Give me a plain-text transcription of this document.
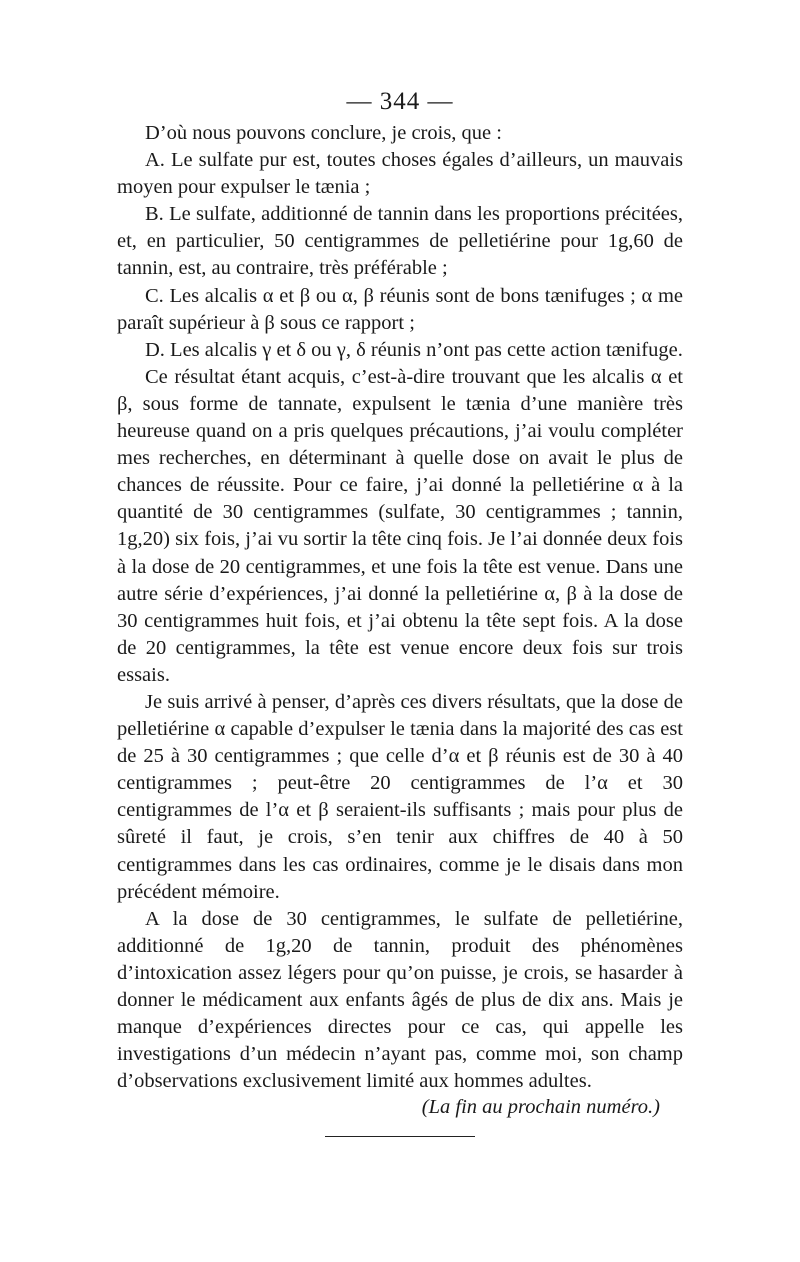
— 344 —

D’où nous pouvons conclure, je crois, que :

A. Le sulfate pur est, toutes choses égales d’ailleurs, un mauvais moyen pour expulser le tænia ;

B. Le sulfate, additionné de tannin dans les proportions précitées, et, en particulier, 50 centigrammes de pelletiérine pour 1g,60 de tannin, est, au contraire, très préférable ;

C. Les alcalis α et β ou α, β réunis sont de bons tænifuges ; α me paraît supérieur à β sous ce rapport ;

D. Les alcalis γ et δ ou γ, δ réunis n’ont pas cette action tænifuge.

Ce résultat étant acquis, c’est-à-dire trouvant que les alcalis α et β, sous forme de tannate, expulsent le tænia d’une manière très heureuse quand on a pris quelques précautions, j’ai voulu compléter mes recherches, en déterminant à quelle dose on avait le plus de chances de réussite. Pour ce faire, j’ai donné la pelletiérine α à la quantité de 30 centigrammes (sulfate, 30 centigrammes ; tannin, 1g,20) six fois, j’ai vu sortir la tête cinq fois. Je l’ai donnée deux fois à la dose de 20 centigrammes, et une fois la tête est venue. Dans une autre série d’expériences, j’ai donné la pelletiérine α, β à la dose de 30 centigrammes huit fois, et j’ai obtenu la tête sept fois. A la dose de 20 centigrammes, la tête est venue encore deux fois sur trois essais.

Je suis arrivé à penser, d’après ces divers résultats, que la dose de pelletiérine α capable d’expulser le tænia dans la majorité des cas est de 25 à 30 centigrammes ; que celle d’α et β réunis est de 30 à 40 centigrammes ; peut-être 20 centigrammes de l’α et 30 centigrammes de l’α et β seraient-ils suffisants ; mais pour plus de sûreté il faut, je crois, s’en tenir aux chiffres de 40 à 50 centigrammes dans les cas ordinaires, comme je le disais dans mon précédent mémoire.

A la dose de 30 centigrammes, le sulfate de pelletiérine, additionné de 1g,20 de tannin, produit des phénomènes d’intoxication assez légers pour qu’on puisse, je crois, se hasarder à donner le médicament aux enfants âgés de plus de dix ans. Mais je manque d’expériences directes pour ce cas, qui appelle les investigations d’un médecin n’ayant pas, comme moi, son champ d’observations exclusivement limité aux hommes adultes.

(La fin au prochain numéro.)
